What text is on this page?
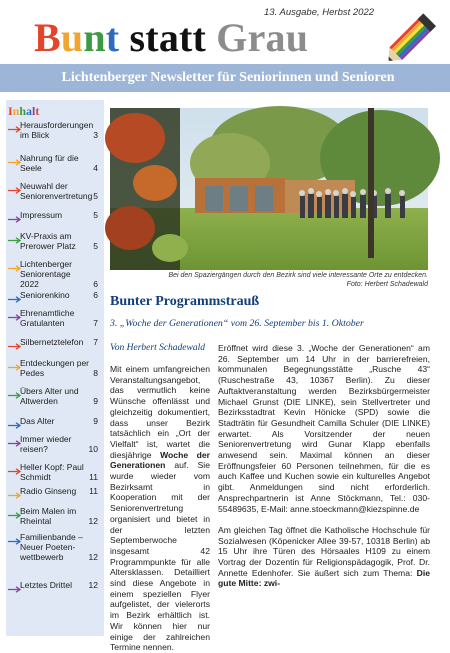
13. Ausgabe, Herbst 2022
Bunt statt Grau
Lichtenberger Newsletter für Seniorinnen und Senioren
Inhalt
Herausforderungen im Blick	3
Nahrung für die Seele	4
Neuwahl der Seniorenvertretung 5
Impressum	5
KV-Praxis am Prerower Platz 5
Lichtenberger Seniorentage 2022	6
Seniorenkino	6
Ehrenamtliche Gratulanten	7
Silbernetztelefon 7
Entdeckungen per Pedes	8
Übers Alter und Altwerden	9
Das Alter	9
Immer wieder reisen?	10
Heller Kopf: Paul Schmidt	11
Radio Ginseng 11
Beim Malen im Rheintal	12
Familienbande – Neuer Poeten-wettbewerb	12
Letztes Drittel 12
Bei den Spaziergängen durch den Bezirk sind viele interessante Orte zu entdecken.
Foto: Herbert Schadewald
Bunter Programmstrauß
3. „Woche der Generationen“ vom 26. September bis 1. Oktober
Von Herbert Schadewald
Mit einem umfangreichen Veranstaltungsangebot, das vermutlich keine Wünsche offenlässt und gleichzeitig dokumentiert, dass unser Bezirk tatsächlich ein „Ort der Vielfalt“ ist, wartet die diesjährige Woche der Generationen auf. Sie wurde wieder vom Bezirksamt in Kooperation mit der Seniorenvertretung organisiert und bietet in der letzten Septemberwoche insgesamt 42 Programmpunkte für alle Altersklassen. Detailliert sind diese Angebote in einem speziellen Flyer aufgelistet, der vielerorts im Bezirk erhältlich ist. Wir können hier nur einige der zahlreichen Termine nennen.

Eröffnet wird diese 3. „Woche der Generationen“ am 26. September um 14 Uhr in der barrierefreien, kommunalen Begegnungsstätte „Rusche 43“ (Ruschestraße 43, 10367 Berlin). Zu dieser Auftaktveranstaltung werden Bezirksbürgermeister Michael Grunst (DIE LINKE), sein Stellvertreter und Bezirksstadtrat Kevin Hönicke (SPD) sowie die Stadträtin für Gesundheit Camilla Schuler (DIE LINKE) erwartet. Als Vorsitzender der neuen Seniorenvertretung wird Gunar Klapp ebenfalls anwesend sein. Maximal können an dieser Eröffnungsfeier 60 Personen teilnehmen, für die es auch Kaffee und Kuchen sowie ein kulturelles Angebot gibt. Anmeldungen sind nicht erforderlich. Ansprechpartnerin ist Anne Stöckmann, Tel.: 030-55489635, E-Mail: anne.stoeckmann@kiezspinne.de

Am gleichen Tag öffnet die Katholische Hochschule für Sozialwesen (Köpenicker Allee 39-57, 10318 Berlin) ab 15 Uhr ihre Türen des Hörsaales H109 zu einem Vortrag der Dozentin für Religionspädagogik, Prof. Dr. Annette Edenhofer. Sie äußert sich zum Thema: Die gute Mitte: zwi-
